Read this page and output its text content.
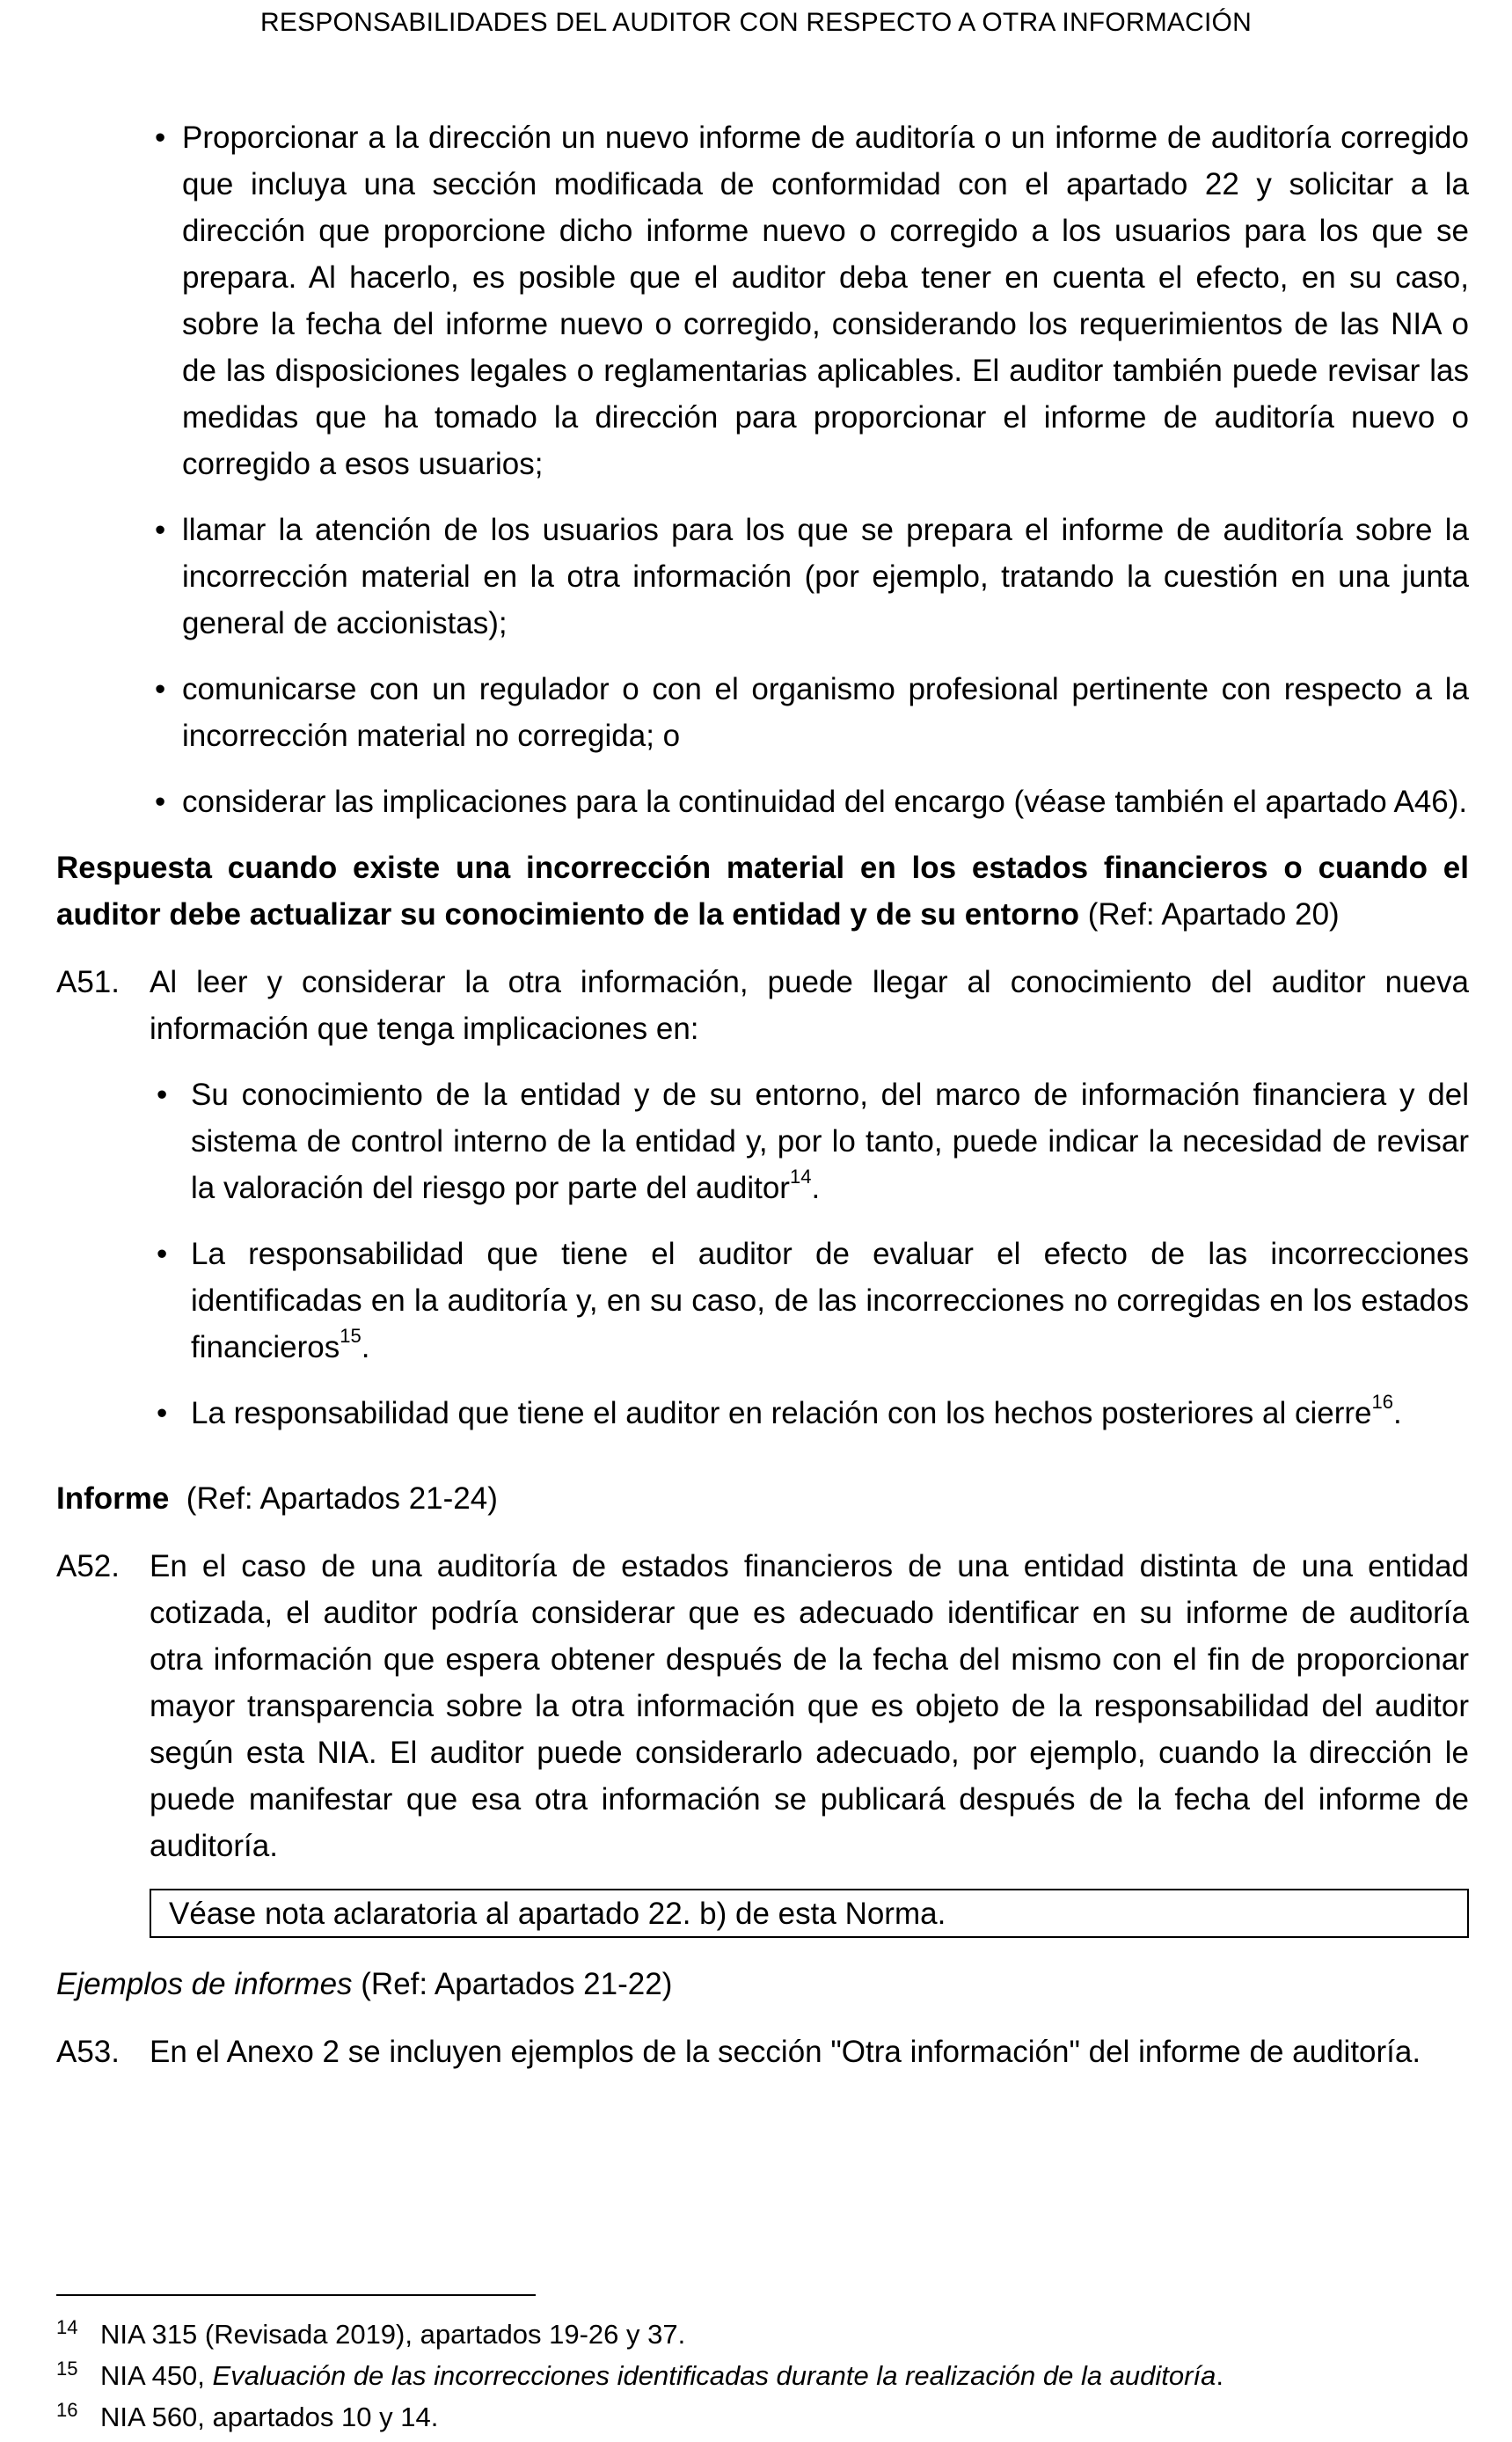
RESPONSABILIDADES DEL AUDITOR CON RESPECTO A OTRA INFORMACIÓN
• Proporcionar a la dirección un nuevo informe de auditoría o un informe de auditoría corregido que incluya una sección modificada de conformidad con el apartado 22 y solicitar a la dirección que proporcione dicho informe nuevo o corregido a los usuarios para los que se prepara. Al hacerlo, es posible que el auditor deba tener en cuenta el efecto, en su caso, sobre la fecha del informe nuevo o corregido, considerando los requerimientos de las NIA o de las disposiciones legales o reglamentarias aplicables. El auditor también puede revisar las medidas que ha tomado la dirección para proporcionar el informe de auditoría nuevo o corregido a esos usuarios;
• llamar la atención de los usuarios para los que se prepara el informe de auditoría sobre la incorrección material en la otra información (por ejemplo, tratando la cuestión en una junta general de accionistas);
• comunicarse con un regulador o con el organismo profesional pertinente con respecto a la incorrección material no corregida; o
• considerar las implicaciones para la continuidad del encargo (véase también el apartado A46).
Respuesta cuando existe una incorrección material en los estados financieros o cuando el auditor debe actualizar su conocimiento de la entidad y de su entorno (Ref: Apartado 20)
A51. Al leer y considerar la otra información, puede llegar al conocimiento del auditor nueva información que tenga implicaciones en:
• Su conocimiento de la entidad y de su entorno, del marco de información financiera y del sistema de control interno de la entidad y, por lo tanto, puede indicar la necesidad de revisar la valoración del riesgo por parte del auditor$^{14}$.
• La responsabilidad que tiene el auditor de evaluar el efecto de las incorrecciones identificadas en la auditoría y, en su caso, de las incorrecciones no corregidas en los estados financieros$^{15}$.
• La responsabilidad que tiene el auditor en relación con los hechos posteriores al cierre$^{16}$.
Informe  (Ref: Apartados 21-24)
A52. En el caso de una auditoría de estados financieros de una entidad distinta de una entidad cotizada, el auditor podría considerar que es adecuado identificar en su informe de auditoría otra información que espera obtener después de la fecha del mismo con el fin de proporcionar mayor transparencia sobre la otra información que es objeto de la responsabilidad del auditor según esta NIA. El auditor puede considerarlo adecuado, por ejemplo, cuando la dirección le puede manifestar que esa otra información se publicará después de la fecha del informe de auditoría.
Véase nota aclaratoria al apartado 22. b) de esta Norma.
Ejemplos de informes (Ref: Apartados 21-22)
A53. En el Anexo 2 se incluyen ejemplos de la sección "Otra información" del informe de auditoría.
14 NIA 315 (Revisada 2019), apartados 19-26 y 37.
15 NIA 450, Evaluación de las incorrecciones identificadas durante la realización de la auditoría.
16 NIA 560, apartados 10 y 14.
